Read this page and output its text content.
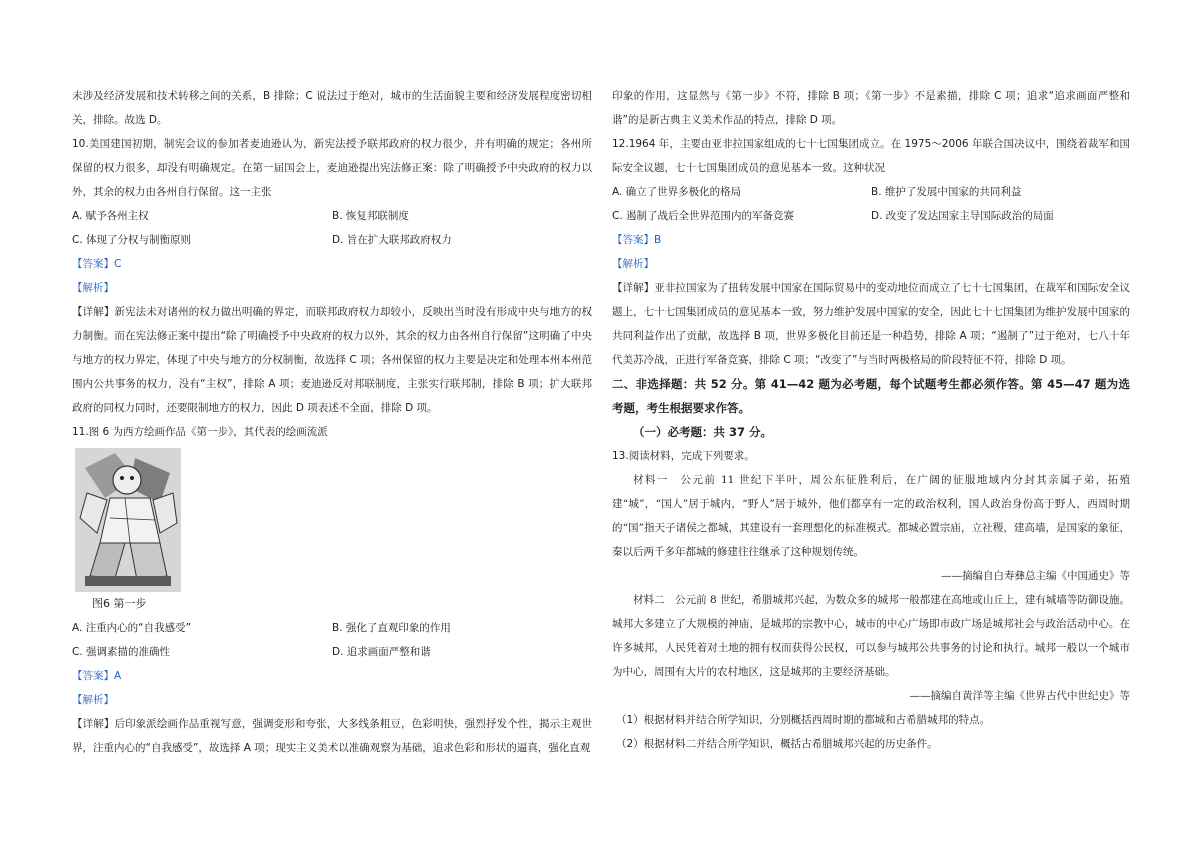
未涉及经济发展和技术转移之间的关系，B 排除；C 说法过于绝对，城市的生活面貌主要和经济发展程度密切相关，排除。故选 D。

10.美国建国初期，制宪会议的参加者麦迪逊认为，新宪法授予联邦政府的权力很少，并有明确的规定；各州所保留的权力很多，却没有明确规定。在第一届国会上，麦迪逊提出宪法修正案：除了明确授予中央政府的权力以外，其余的权力由各州自行保留。这一主张

A. 赋予各州主权	B. 恢复邦联制度
C. 体现了分权与制衡原则	D. 旨在扩大联邦政府权力

【答案】C

【解析】

【详解】新宪法未对诸州的权力做出明确的界定，而联邦政府权力却较小，反映出当时没有形成中央与地方的权力制衡。而在宪法修正案中提出“除了明确授予中央政府的权力以外，其余的权力由各州自行保留”这明确了中央与地方的权力界定，体现了中央与地方的分权制衡，故选择 C 项；各州保留的权力主要是决定和处理本州本州范围内公共事务的权力，没有“主权”，排除 A 项；麦迪逊反对邦联制度，主张实行联邦制，排除 B 项；扩大联邦政府的同权力同时，还要限制地方的权力，因此 D 项表述不全面，排除 D 项。

11.图 6 为西方绘画作品《第一步》，其代表的绘画流派

图6 第一步

A. 注重内心的“自我感受”	B. 强化了直观印象的作用
C. 强调素描的准确性	D. 追求画面严整和谐

【答案】A

【解析】

【详解】后印象派绘画作品重视写意，强调变形和夸张，大多线条粗豆，色彩明快，强烈抒发个性，揭示主观世界，注重内心的“自我感受”，故选择 A 项；现实主义美术以准确观察为基础，追求色彩和形状的逼真，强化直观

印象的作用，这显然与《第一步》不符，排除 B 项；《第一步》不是素描，排除 C 项；追求“追求画面严整和谐”的是新古典主义美术作品的特点，排除 D 项。

12.1964 年，主要由亚非拉国家组成的七十七国集团成立。在 1975～2006 年联合国决议中，围绕着裁军和国际安全议题，七十七国集团成员的意见基本一致。这种状况

A. 确立了世界多极化的格局	B. 维护了发展中国家的共同利益
C. 遏制了战后全世界范围内的军备竞赛	D. 改变了发达国家主导国际政治的局面

【答案】B

【解析】

【详解】亚非拉国家为了扭转发展中国家在国际贸易中的变动地位而成立了七十七国集团，在裁军和国际安全议题上，七十七国集团成员的意见基本一致，努力维护发展中国家的安全，因此七十七国集团为维护发展中国家的共同利益作出了贡献，故选择 B 项，世界多极化目前还是一种趋势，排除 A 项；“遏制了”过于绝对，七八十年代美苏冷战，正进行军备竞赛，排除 C 项；“改变了”与当时两极格局的阶段特征不符，排除 D 项。

二、非选择题：共 52 分。第 41—42 题为必考题，每个试题考生都必须作答。第 45—47 题为选考题，考生根据要求作答。

（一）必考题：共 37 分。

13.阅读材料，完成下列要求。

材料一　公元前 11 世纪下半叶，周公东征胜利后，在广阔的征服地域内分封其亲属子弟，拓殖建“城”，“国人”居于城内，“野人”居于城外，他们都享有一定的政治权利，国人政治身份高于野人，西周时期的“国”指天子诸侯之都城，其建设有一套理想化的标准模式。都城必置宗庙，立社稷，建高墙，是国家的象征，秦以后两千多年都城的修建往往继承了这种规划传统。

——摘编自白寿彝总主编《中国通史》等

材料二　公元前 8 世纪，希腊城邦兴起，为数众多的城邦一般都建在高地或山丘上，建有城墙等防御设施。城邦大多建立了大规模的神庙，是城邦的宗教中心，城市的中心广场即市政广场是城邦社会与政治活动中心。在许多城邦，人民凭着对土地的拥有权而获得公民权，可以参与城邦公共事务的讨论和执行。城邦一般以一个城市为中心，周围有大片的农村地区，这是城邦的主要经济基础。

——摘编自黄洋等主编《世界古代中世纪史》等

（1）根据材料并结合所学知识，分别概括西周时期的都城和古希腊城邦的特点。

（2）根据材料二并结合所学知识，概括古希腊城邦兴起的历史条件。
